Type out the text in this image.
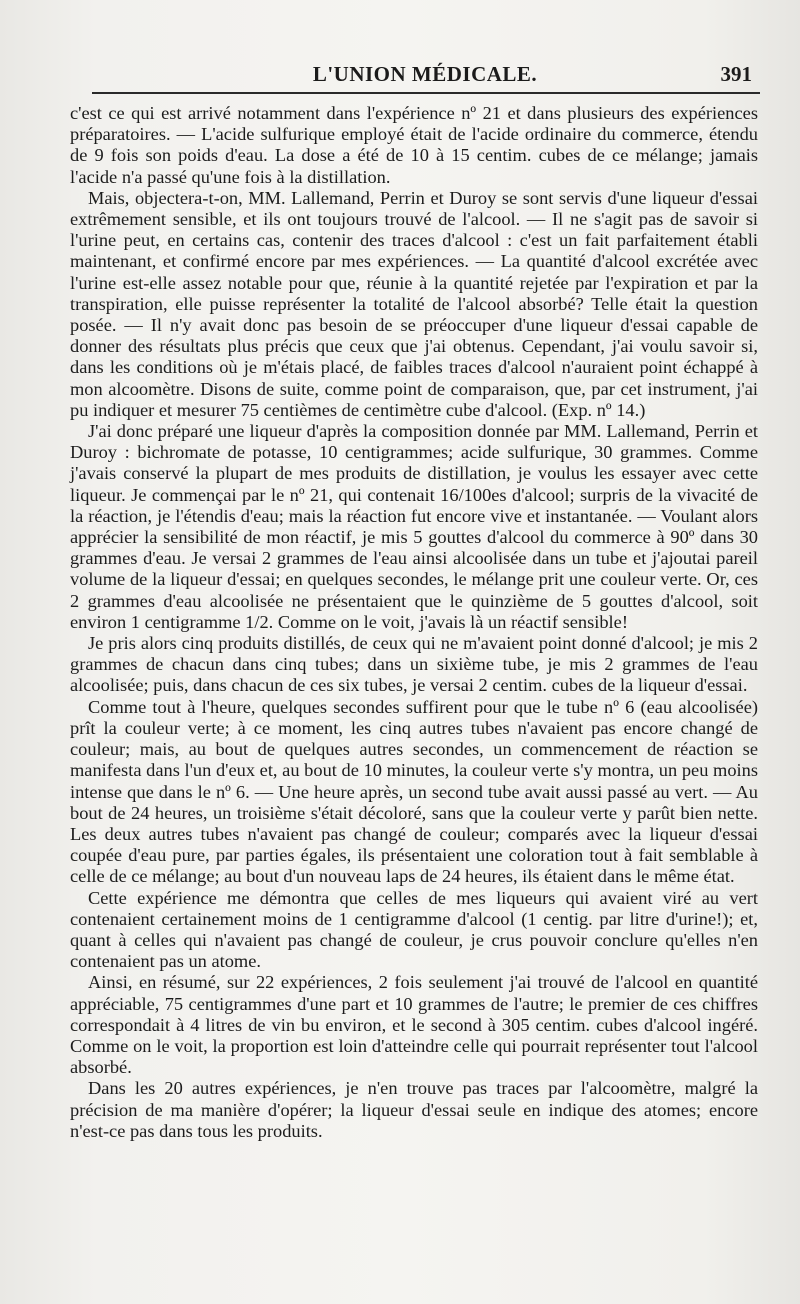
L'UNION MÉDICALE.	391

c'est ce qui est arrivé notamment dans l'expérience nº 21 et dans plusieurs des expériences préparatoires. — L'acide sulfurique employé était de l'acide ordinaire du commerce, étendu de 9 fois son poids d'eau. La dose a été de 10 à 15 centim. cubes de ce mélange; jamais l'acide n'a passé qu'une fois à la distillation.

Mais, objectera-t-on, MM. Lallemand, Perrin et Duroy se sont servis d'une liqueur d'essai extrêmement sensible, et ils ont toujours trouvé de l'alcool. — Il ne s'agit pas de savoir si l'urine peut, en certains cas, contenir des traces d'alcool : c'est un fait parfaitement établi maintenant, et confirmé encore par mes expériences. — La quantité d'alcool excrétée avec l'urine est-elle assez notable pour que, réunie à la quantité rejetée par l'expiration et par la transpiration, elle puisse représenter la totalité de l'alcool absorbé? Telle était la question posée. — Il n'y avait donc pas besoin de se préoccuper d'une liqueur d'essai capable de donner des résultats plus précis que ceux que j'ai obtenus. Cependant, j'ai voulu savoir si, dans les conditions où je m'étais placé, de faibles traces d'alcool n'auraient point échappé à mon alcoomètre. Disons de suite, comme point de comparaison, que, par cet instrument, j'ai pu indiquer et mesurer 75 centièmes de centimètre cube d'alcool. (Exp. nº 14.)

J'ai donc préparé une liqueur d'après la composition donnée par MM. Lallemand, Perrin et Duroy : bichromate de potasse, 10 centigrammes; acide sulfurique, 30 grammes. Comme j'avais conservé la plupart de mes produits de distillation, je voulus les essayer avec cette liqueur. Je commençai par le nº 21, qui contenait 16/100es d'alcool; surpris de la vivacité de la réaction, je l'étendis d'eau; mais la réaction fut encore vive et instantanée. — Voulant alors apprécier la sensibilité de mon réactif, je mis 5 gouttes d'alcool du commerce à 90º dans 30 grammes d'eau. Je versai 2 grammes de l'eau ainsi alcoolisée dans un tube et j'ajoutai pareil volume de la liqueur d'essai; en quelques secondes, le mélange prit une couleur verte. Or, ces 2 grammes d'eau alcoolisée ne présentaient que le quinzième de 5 gouttes d'alcool, soit environ 1 centigramme 1/2. Comme on le voit, j'avais là un réactif sensible!

Je pris alors cinq produits distillés, de ceux qui ne m'avaient point donné d'alcool; je mis 2 grammes de chacun dans cinq tubes; dans un sixième tube, je mis 2 grammes de l'eau alcoolisée; puis, dans chacun de ces six tubes, je versai 2 centim. cubes de la liqueur d'essai.

Comme tout à l'heure, quelques secondes suffirent pour que le tube nº 6 (eau alcoolisée) prît la couleur verte; à ce moment, les cinq autres tubes n'avaient pas encore changé de couleur; mais, au bout de quelques autres secondes, un commencement de réaction se manifesta dans l'un d'eux et, au bout de 10 minutes, la couleur verte s'y montra, un peu moins intense que dans le nº 6. — Une heure après, un second tube avait aussi passé au vert. — Au bout de 24 heures, un troisième s'était décoloré, sans que la couleur verte y parût bien nette. Les deux autres tubes n'avaient pas changé de couleur; comparés avec la liqueur d'essai coupée d'eau pure, par parties égales, ils présentaient une coloration tout à fait semblable à celle de ce mélange; au bout d'un nouveau laps de 24 heures, ils étaient dans le même état.

Cette expérience me démontra que celles de mes liqueurs qui avaient viré au vert contenaient certainement moins de 1 centigramme d'alcool (1 centig. par litre d'urine!); et, quant à celles qui n'avaient pas changé de couleur, je crus pouvoir conclure qu'elles n'en contenaient pas un atome.

Ainsi, en résumé, sur 22 expériences, 2 fois seulement j'ai trouvé de l'alcool en quantité appréciable, 75 centigrammes d'une part et 10 grammes de l'autre; le premier de ces chiffres correspondait à 4 litres de vin bu environ, et le second à 305 centim. cubes d'alcool ingéré. Comme on le voit, la proportion est loin d'atteindre celle qui pourrait représenter tout l'alcool absorbé.

Dans les 20 autres expériences, je n'en trouve pas traces par l'alcoomètre, malgré la précision de ma manière d'opérer; la liqueur d'essai seule en indique des atomes; encore n'est-ce pas dans tous les produits.
